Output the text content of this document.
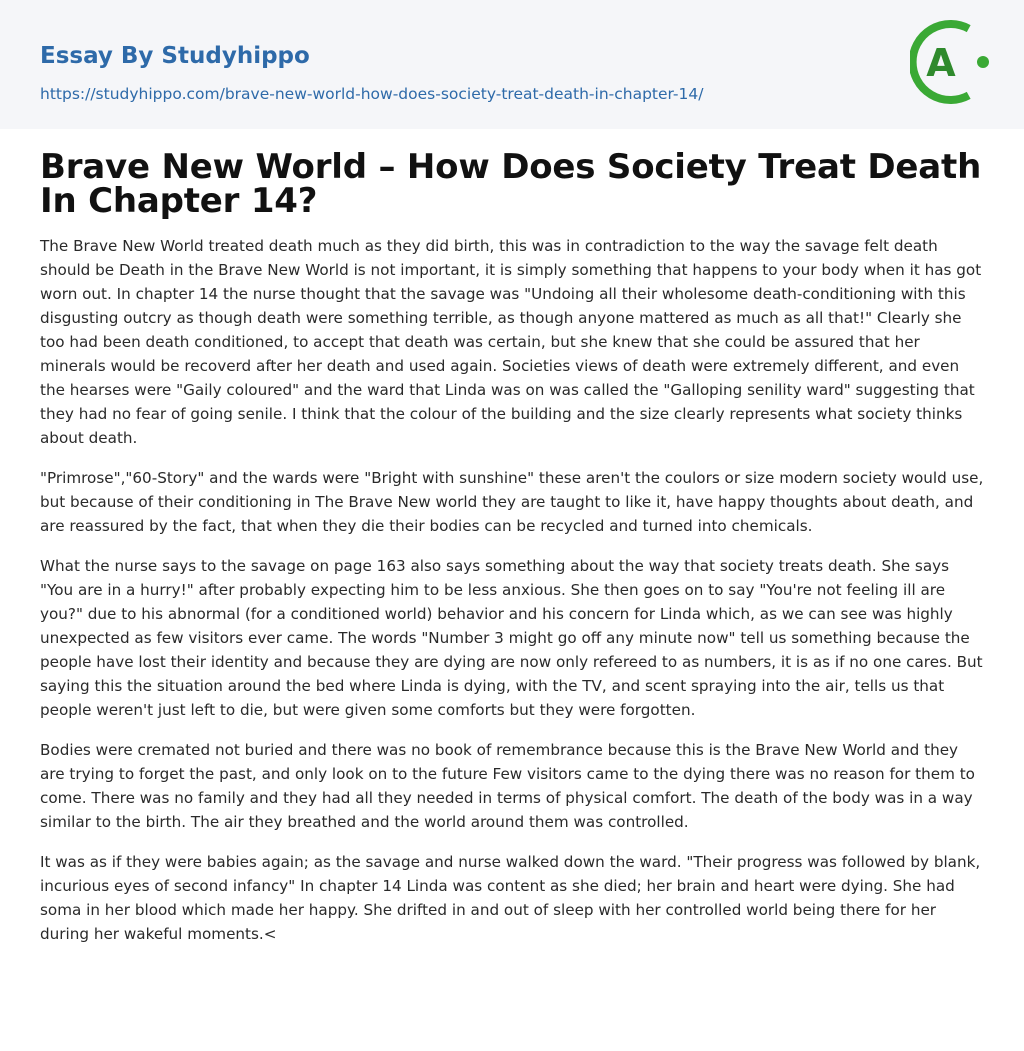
Essay By Studyhippo
https://studyhippo.com/brave-new-world-how-does-society-treat-death-in-chapter-14/
A
Brave New World – How Does Society Treat Death In Chapter 14?

The Brave New World treated death much as they did birth, this was in contradiction to the way the savage felt death should be Death in the Brave New World is not important, it is simply something that happens to your body when it has got worn out. In chapter 14 the nurse thought that the savage was "Undoing all their wholesome death-conditioning with this disgusting outcry as though death were something terrible, as though anyone mattered as much as all that!" Clearly she too had been death conditioned, to accept that death was certain, but she knew that she could be assured that her minerals would be recoverd after her death and used again. Societies views of death were extremely different, and even the hearses were "Gaily coloured" and the ward that Linda was on was called the "Galloping senility ward" suggesting that they had no fear of going senile. I think that the colour of the building and the size clearly represents what society thinks about death.

"Primrose","60-Story" and the wards were "Bright with sunshine" these aren't the coulors or size modern society would use, but because of their conditioning in The Brave New world they are taught to like it, have happy thoughts about death, and are reassured by the fact, that when they die their bodies can be recycled and turned into chemicals.

What the nurse says to the savage on page 163 also says something about the way that society treats death. She says "You are in a hurry!" after probably expecting him to be less anxious. She then goes on to say "You're not feeling ill are you?" due to his abnormal (for a conditioned world) behavior and his concern for Linda which, as we can see was highly unexpected as few visitors ever came. The words "Number 3 might go off any minute now" tell us something because the people have lost their identity and because they are dying are now only refereed to as numbers, it is as if no one cares. But saying this the situation around the bed where Linda is dying, with the TV, and scent spraying into the air, tells us that people weren't just left to die, but were given some comforts but they were forgotten.

Bodies were cremated not buried and there was no book of remembrance because this is the Brave New World and they are trying to forget the past, and only look on to the future Few visitors came to the dying there was no reason for them to come. There was no family and they had all they needed in terms of physical comfort. The death of the body was in a way similar to the birth. The air they breathed and the world around them was controlled.

It was as if they were babies again; as the savage and nurse walked down the ward. "Their progress was followed by blank, incurious eyes of second infancy" In chapter 14 Linda was content as she died; her brain and heart were dying. She had soma in her blood which made her happy. She drifted in and out of sleep with her controlled world being there for her during her wakeful moments.<
